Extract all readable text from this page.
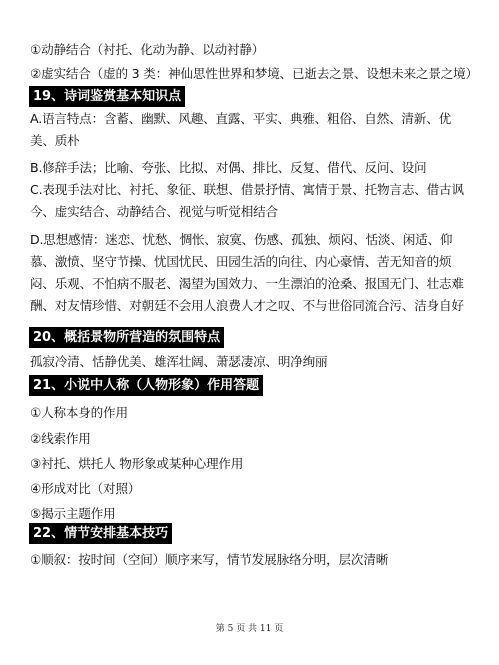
①动静结合（衬托、化动为静、以动衬静）
②虚实结合（虚的 3 类：神仙思性世界和梦境、已逝去之景、设想未来之景之境）
19、诗词鉴赏基本知识点
A.语言特点：含蓄、幽默、风趣、直露、平实、典雅、粗俗、自然、清新、优美、质朴
B.修辞手法；比喻、夸张、比拟、对偶、排比、反复、借代、反问、设问
C.表现手法对比、衬托、象征、联想、借景抒情、寓情于景、托物言志、借古讽今、虚实结合、动静结合、视觉与听觉相结合
D.思想感情：迷恋、忧愁、惆怅、寂寞、伤感、孤独、烦闷、恬淡、闲适、仰慕、激愤、坚守节操、忧国忧民、田园生活的向往、内心豪情、苦无知音的烦闷、乐观、不怕病不服老、渴望为国效力、一生漂泊的沧桑、报国无门、壮志难酬、对友情珍惜、对朝廷不会用人浪费人才之叹、不与世俗同流合污、洁身自好
20、概括景物所营造的氛围特点
孤寂冷清、恬静优美、雄浑壮阔、萧瑟凄凉、明净绚丽
21、小说中人称（人物形象）作用答题
①人称本身的作用
②线索作用
③衬托、烘托人 物形象或某种心理作用
④形成对比（对照）
⑤揭示主题作用
22、情节安排基本技巧
①顺叙：按时间（空间）顺序来写，情节发展脉络分明，层次清晰
第 5 页 共 11 页
